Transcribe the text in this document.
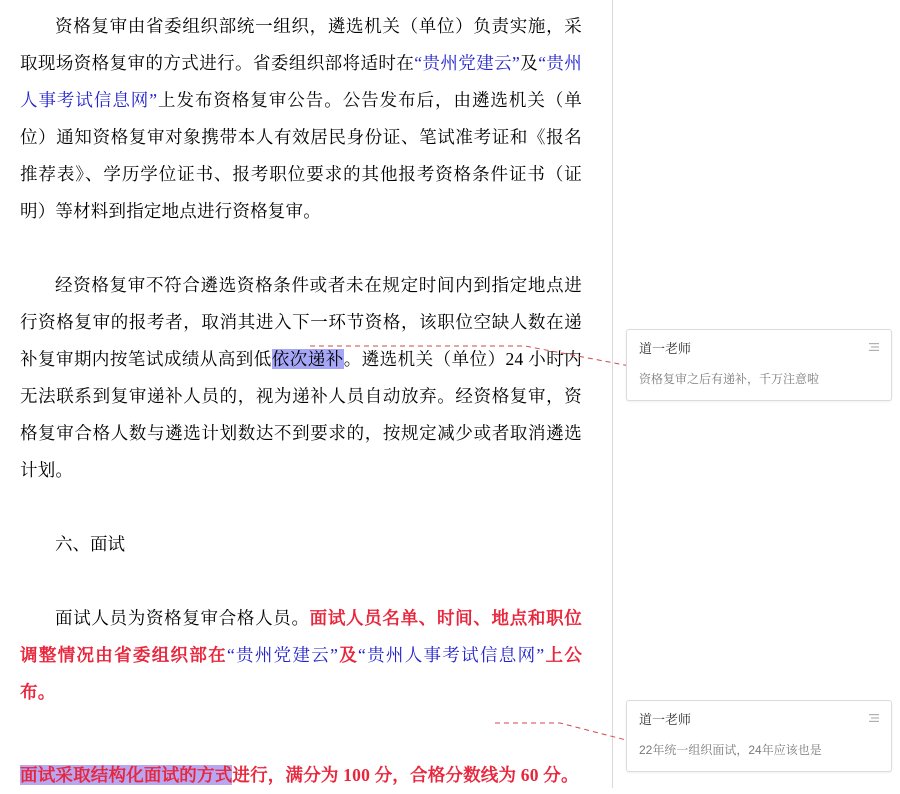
资格复审由省委组织部统一组织，遴选机关（单位）负责实施，采取现场资格复审的方式进行。省委组织部将适时在“贵州党建云”及“贵州人事考试信息网”上发布资格复审公告。公告发布后，由遴选机关（单位）通知资格复审对象携带本人有效居民身份证、笔试准考证和《报名推荐表》、学历学位证书、报考职位要求的其他报考资格条件证书（证明）等材料到指定地点进行资格复审。

经资格复审不符合遴选资格条件或者未在规定时间内到指定地点进行资格复审的报考者，取消其进入下一环节资格，该职位空缺人数在递补复审期内按笔试成绩从高到低依次递补。遴选机关（单位）24 小时内无法联系到复审递补人员的，视为递补人员自动放弃。经资格复审，资格复审合格人数与遴选计划数达不到要求的，按规定减少或者取消遴选计划。

六、面试

面试人员为资格复审合格人员。面试人员名单、时间、地点和职位调整情况由省委组织部在“贵州党建云”及“贵州人事考试信息网”上公布。

面试采取结构化面试的方式进行，满分为 100 分，合格分数线为 60 分。

道一老师
资格复审之后有递补，千万注意啦
道一老师
22年统一组织面试，24年应该也是
